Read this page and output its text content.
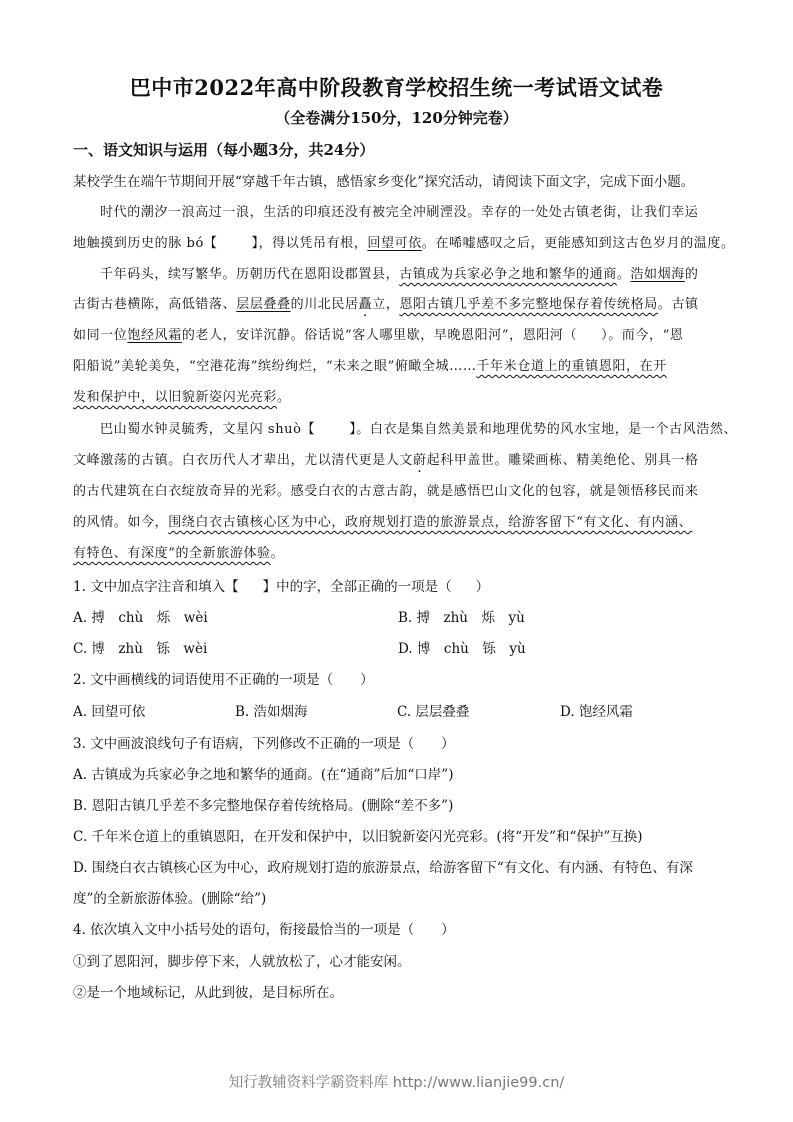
巴中市2022年高中阶段教育学校招生统一考试语文试卷
（全卷满分150分，120分钟完卷）
一、语文知识与运用（每小题3分，共24分）
某校学生在端午节期间开展“穿越千年古镇，感悟家乡变化”探究活动，请阅读下面文字，完成下面小题。
时代的潮汐一浪高过一浪，生活的印痕还没有被完全冲刷湮没。幸存的一处处古镇老街，让我们幸运
地触摸到历史的脉 bó【	】，得以凭吊有根，回望可依。在唏嘘感叹之后，更能感知到这古色岁月的温度。
千年码头，续写繁华。历朝历代在恩阳设郡置县，古镇成为兵家必争之地和繁华的通商。浩如烟海的
古街古巷横陈，高低错落、层层叠叠的川北民居矗立，恩阳古镇几乎差不多完整地保存着传统格局。古镇
如同一位饱经风霜的老人，安详沉静。俗话说“客人哪里歇，早晚恩阳河”，恩阳河（ ）。而今，“恩
阳船说”美轮美奂，“空港花海”缤纷绚烂，“未来之眼”俯瞰全城……千年米仓道上的重镇恩阳，在开
发和保护中，以旧貌新姿闪光亮彩。
巴山蜀水钟灵毓秀，文星闪 shuò【	】。白衣是集自然美景和地理优势的风水宝地，是一个古风浩然、
文峰激荡的古镇。白衣历代人才辈出，尤以清代更是人文蔚起科甲盖世。雕梁画栋、精美绝伦、别具一格
的古代建筑在白衣绽放奇异的光彩。感受白衣的古意古韵，就是感悟巴山文化的包容，就是领悟移民而来
的风情。如今，围绕白衣古镇核心区为中心，政府规划打造的旅游景点，给游客留下“有文化、有内涵、
有特色、有深度”的全新旅游体验。
1. 文中加点字注音和填入【 】中的字，全部正确的一项是（ ）
A. 搏　chù　烁　wèi	B. 搏　zhù　烁　yù
C. 博　zhù　铄　wèi	D. 博　chù　铄　yù
2. 文中画横线的词语使用不正确的一项是（　　）
A. 回望可依	B. 浩如烟海	C. 层层叠叠	D. 饱经风霜
3. 文中画波浪线句子有语病，下列修改不正确的一项是（　　）
A. 古镇成为兵家必争之地和繁华的通商。(在“通商”后加“口岸”)
B. 恩阳古镇几乎差不多完整地保存着传统格局。(删除“差不多”)
C. 千年米仓道上的重镇恩阳，在开发和保护中，以旧貌新姿闪光亮彩。(将“开发”和“保护”互换)
D. 围绕白衣古镇核心区为中心，政府规划打造的旅游景点，给游客留下“有文化、有内涵、有特色、有深
度”的全新旅游体验。(删除“给”)
4. 依次填入文中小括号处的语句，衔接最恰当的一项是（　　）
①到了恩阳河，脚步停下来，人就放松了，心才能安闲。
②是一个地域标记，从此到彼，是目标所在。
知行教辅资料学霸资料库 http://www.lianjie99.cn/
